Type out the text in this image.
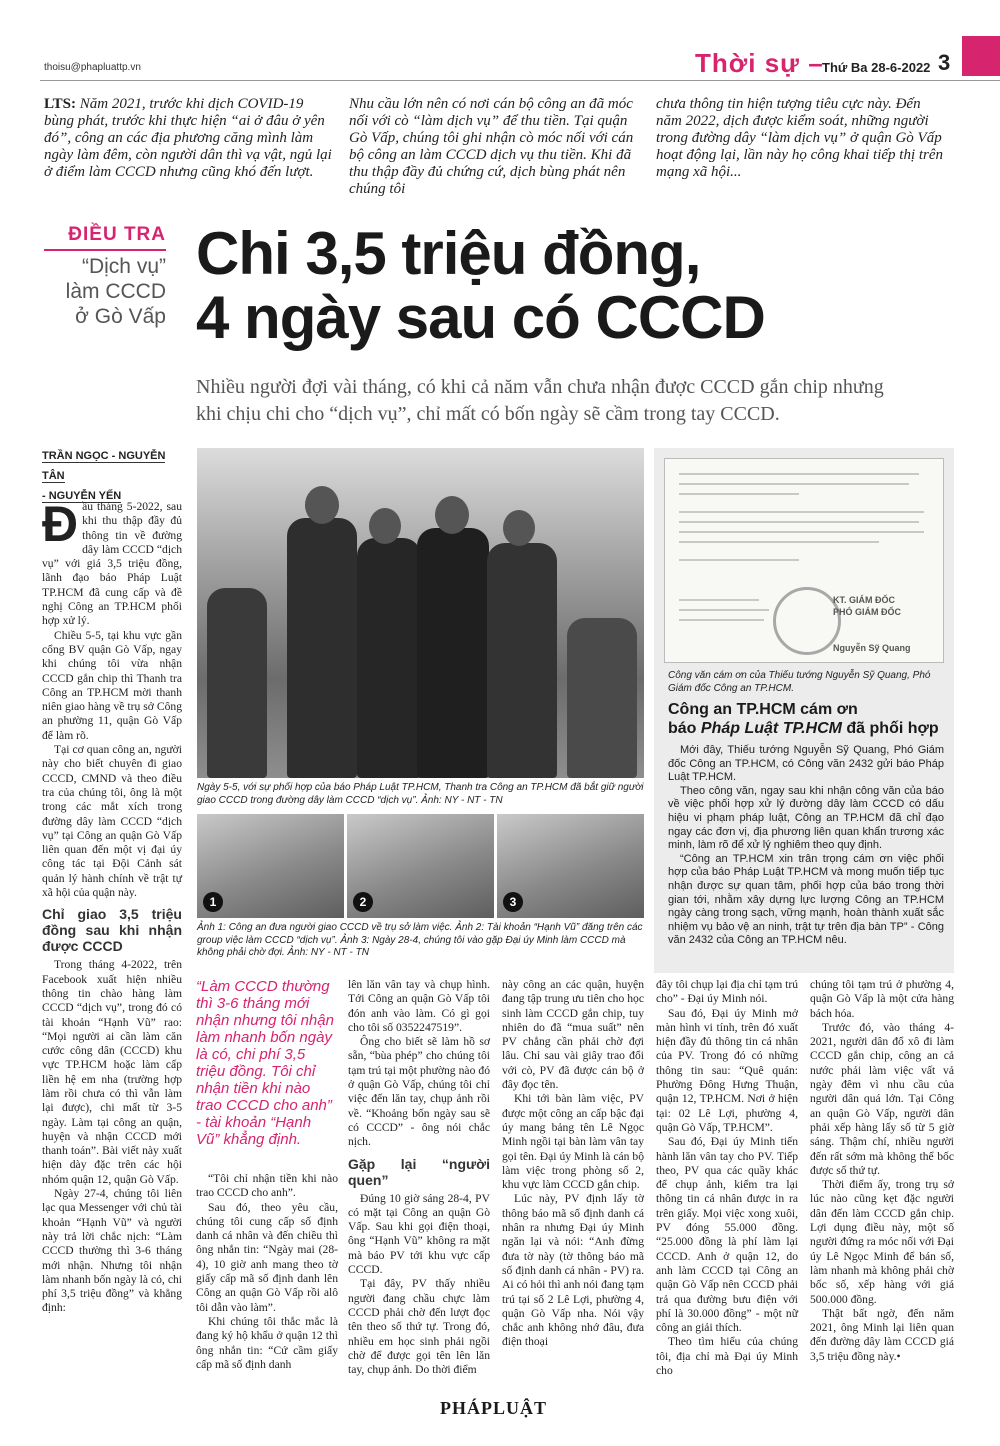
thoisu@phapluattp.vn	Thời sự –
Thứ Ba 28-6-2022 3
LTS: Năm 2021, trước khi dịch COVID-19 bùng phát, trước khi thực hiện “ai ở đâu ở yên đó”, công an các địa phương căng mình làm ngày làm đêm, còn người dân thì vạ vật, ngủ lại ở điểm làm CCCD nhưng cũng khó đến lượt.
Nhu cầu lớn nên có nơi cán bộ công an đã móc nối với cò “làm dịch vụ” để thu tiền. Tại quận Gò Vấp, chúng tôi ghi nhận cò móc nối với cán bộ công an làm CCCD dịch vụ thu tiền. Khi đã thu thập đầy đủ chứng cứ, dịch bùng phát nên chúng tôi
chưa thông tin hiện tượng tiêu cực này. Đến năm 2022, dịch được kiểm soát, những người trong đường dây “làm dịch vụ” ở quận Gò Vấp hoạt động lại, lần này họ công khai tiếp thị trên mạng xã hội...
ĐIỀU TRA
“Dịch vụ”
làm CCCD
ở Gò Vấp
Chi 3,5 triệu đồng,
4 ngày sau có CCCD
Nhiều người đợi vài tháng, có khi cả năm vẫn chưa nhận được CCCD gắn chip nhưng khi chịu chi cho “dịch vụ”, chỉ mất có bốn ngày sẽ cầm trong tay CCCD.
TRẦN NGỌC - NGUYỄN TÂN
- NGUYỄN YẾN

Đầu tháng 5-2022, sau khi thu thập đầy đủ thông tin về đường dây làm CCCD “dịch vụ” với giá 3,5 triệu đồng, lãnh đạo báo Pháp Luật TP.HCM đã cung cấp và đề nghị Công an TP.HCM phối hợp xử lý.

Chiều 5-5, tại khu vực gần cổng BV quận Gò Vấp, ngay khi chúng tôi vừa nhận CCCD gắn chip thì Thanh tra Công an TP.HCM mời thanh niên giao hàng về trụ sở Công an phường 11, quận Gò Vấp để làm rõ.

Tại cơ quan công an, người này cho biết chuyên đi giao CCCD, CMND và theo điều tra của chúng tôi, ông là một trong các mắt xích trong đường dây làm CCCD “dịch vụ” tại Công an quận Gò Vấp liên quan đến một vị đại úy công tác tại Đội Cảnh sát quản lý hành chính về trật tự xã hội của quận này.

Chỉ giao 3,5 triệu đồng sau khi nhận được CCCD

Trong tháng 4-2022, trên Facebook xuất hiện nhiều thông tin chào hàng làm CCCD “dịch vụ”, trong đó có tài khoản “Hạnh Vũ” rao: “Mọi người ai cần làm căn cước công dân (CCCD) khu vực TP.HCM hoặc làm cấp liền hệ em nha (trường hợp làm rồi chưa có thì vẫn làm lại được), chi mất từ 3-5 ngày. Làm tại công an quận, huyện và nhận CCCD mới thanh toán”. Bài viết này xuất hiện dày đặc trên các hội nhóm quận 12, quận Gò Vấp.

Ngày 27-4, chúng tôi liên lạc qua Messenger với chủ tài khoản “Hạnh Vũ” và người này trả lời chắc nịch: “Làm CCCD thường thì 3-6 tháng mới nhận. Nhưng tôi nhận làm nhanh bốn ngày là có, chi phí 3,5 triệu đồng” và khẳng định:

Ngày 5-5, với sự phối hợp của báo Pháp Luật TP.HCM, Thanh tra Công an TP.HCM đã bắt giữ người giao CCCD trong đường dây làm CCCD “dịch vụ”. Ảnh: NY - NT - TN
1	2	3
Ảnh 1: Công an đưa người giao CCCD về trụ sở làm việc. Ảnh 2: Tài khoản “Hạnh Vũ” đăng trên các group việc làm CCCD “dịch vụ”. Ảnh 3: Ngày 28-4, chúng tôi vào gặp Đại úy Minh làm CCCD mà không phải chờ đợi. Ảnh: NY - NT - TN
KT. GIÁM ĐỐC
PHÓ GIÁM ĐỐC
Nguyễn Sỹ Quang
Công văn cám ơn của Thiếu tướng Nguyễn Sỹ Quang, Phó Giám đốc Công an TP.HCM.
Công an TP.HCM cám ơn
báo Pháp Luật TP.HCM đã phối hợp

Mới đây, Thiếu tướng Nguyễn Sỹ Quang, Phó Giám đốc Công an TP.HCM, có Công văn 2432 gửi báo Pháp Luật TP.HCM.

Theo công văn, ngay sau khi nhận công văn của báo về việc phối hợp xử lý đường dây làm CCCD có dấu hiệu vi phạm pháp luật, Công an TP.HCM đã chỉ đạo ngay các đơn vị, địa phương liên quan khẩn trương xác minh, làm rõ để xử lý nghiêm theo quy định.

“Công an TP.HCM xin trân trọng cám ơn việc phối hợp của báo Pháp Luật TP.HCM và mong muốn tiếp tục nhận được sự quan tâm, phối hợp của báo trong thời gian tới, nhằm xây dựng lực lượng Công an TP.HCM ngày càng trong sạch, vững mạnh, hoàn thành xuất sắc nhiệm vụ bảo vệ an ninh, trật tự trên địa bàn TP” - Công văn 2432 của Công an TP.HCM nêu.

“Làm CCCD thường thì 3-6 tháng mới nhận nhưng tôi nhận làm nhanh bốn ngày là có, chi phí 3,5 triệu đồng. Tôi chỉ nhận tiền khi nào trao CCCD cho anh” - tài khoản “Hạnh Vũ” khẳng định.

“Tôi chỉ nhận tiền khi nào trao CCCD cho anh”.

Sau đó, theo yêu cầu, chúng tôi cung cấp số định danh cá nhân và đến chiều thì ông nhắn tin: “Ngày mai (28-4), 10 giờ anh mang theo tờ giấy cấp mã số định danh lên Công an quận Gò Vấp rồi alô tôi dẫn vào làm”.

Khi chúng tôi thắc mắc là đang ký hộ khẩu ở quận 12 thì ông nhắn tin: “Cứ cầm giấy cấp mã số định danh

lên lăn vân tay và chụp hình. Tới Công an quận Gò Vấp tôi đón anh vào làm. Có gì gọi cho tôi số 0352247519”.

Ông cho biết sẽ làm hồ sơ sẵn, “bùa phép” cho chúng tôi tạm trú tại một phường nào đó ở quận Gò Vấp, chúng tôi chỉ việc đến lăn tay, chụp ảnh rồi về. “Khoảng bốn ngày sau sẽ có CCCD” - ông nói chắc nịch.

Gặp lại “người quen”

Đúng 10 giờ sáng 28-4, PV có mặt tại Công an quận Gò Vấp. Sau khi gọi điện thoại, ông “Hạnh Vũ” không ra mặt mà báo PV tới khu vực cấp CCCD.

Tại đây, PV thấy nhiều người đang chầu chực làm CCCD phải chờ đến lượt đọc tên theo số thứ tự. Trong đó, nhiều em học sinh phải ngồi chờ để được gọi tên lên lăn tay, chụp ảnh. Do thời điểm

này công an các quận, huyện đang tập trung ưu tiên cho học sinh làm CCCD gắn chip, tuy nhiên do đã “mua suất” nên PV chẳng cần phải chờ đợi lâu. Chỉ sau vài giây trao đổi với cò, PV đã được cán bộ ở đây đọc tên.

Khi tới bàn làm việc, PV được một công an cấp bậc đại úy mang bảng tên Lê Ngọc Minh ngồi tại bàn làm vân tay gọi tên. Đại úy Minh là cán bộ làm việc trong phòng số 2, khu vực làm CCCD gắn chip.

Lúc này, PV định lấy tờ thông báo mã số định danh cá nhân ra nhưng Đại úy Minh ngăn lại và nói: “Anh đừng đưa tờ này (tờ thông báo mã số định danh cá nhân - PV) ra. Ai có hỏi thì anh nói đang tạm trú tại số 2 Lê Lợi, phường 4, quận Gò Vấp nha. Nói vậy chắc anh không nhớ đâu, đưa điện thoại

đây tôi chụp lại địa chỉ tạm trú cho” - Đại úy Minh nói.

Sau đó, Đại úy Minh mở màn hình vi tính, trên đó xuất hiện đầy đủ thông tin cá nhân của PV. Trong đó có những thông tin sau: “Quê quán: Phường Đông Hưng Thuận, quận 12, TP.HCM. Nơi ở hiện tại: 02 Lê Lợi, phường 4, quận Gò Vấp, TP.HCM”.

Sau đó, Đại úy Minh tiến hành lăn vân tay cho PV. Tiếp theo, PV qua các quầy khác để chụp ảnh, kiểm tra lại thông tin cá nhân được in ra trên giấy. Mọi việc xong xuôi, PV đóng 55.000 đồng. “25.000 đồng là phí làm lại CCCD. Anh ở quận 12, do anh làm CCCD tại Công an quận Gò Vấp nên CCCD phải trả qua đường bưu điện với phí là 30.000 đồng” - một nữ công an giải thích.

Theo tìm hiểu của chúng tôi, địa chỉ mà Đại úy Minh cho

chúng tôi tạm trú ở phường 4, quận Gò Vấp là một cửa hàng bách hóa.

Trước đó, vào tháng 4-2021, người dân đổ xô đi làm CCCD gắn chip, công an cả nước phải làm việc vất vả ngày đêm vì nhu cầu của người dân quá lớn. Tại Công an quận Gò Vấp, người dân phải xếp hàng lấy số từ 5 giờ sáng. Thậm chí, nhiều người đến rất sớm mà không thể bốc được số thứ tự.

Thời điểm ấy, trong trụ sở lúc nào cũng kẹt đặc người dân đến làm CCCD gắn chip. Lợi dụng điều này, một số người đứng ra móc nối với Đại úy Lê Ngọc Minh để bán số, làm nhanh mà không phải chờ bốc số, xếp hàng với giá 500.000 đồng.

Thật bất ngờ, đến năm 2021, ông Minh lại liên quan đến đường dây làm CCCD giá 3,5 triệu đồng này.•

PHÁPLUẬT
